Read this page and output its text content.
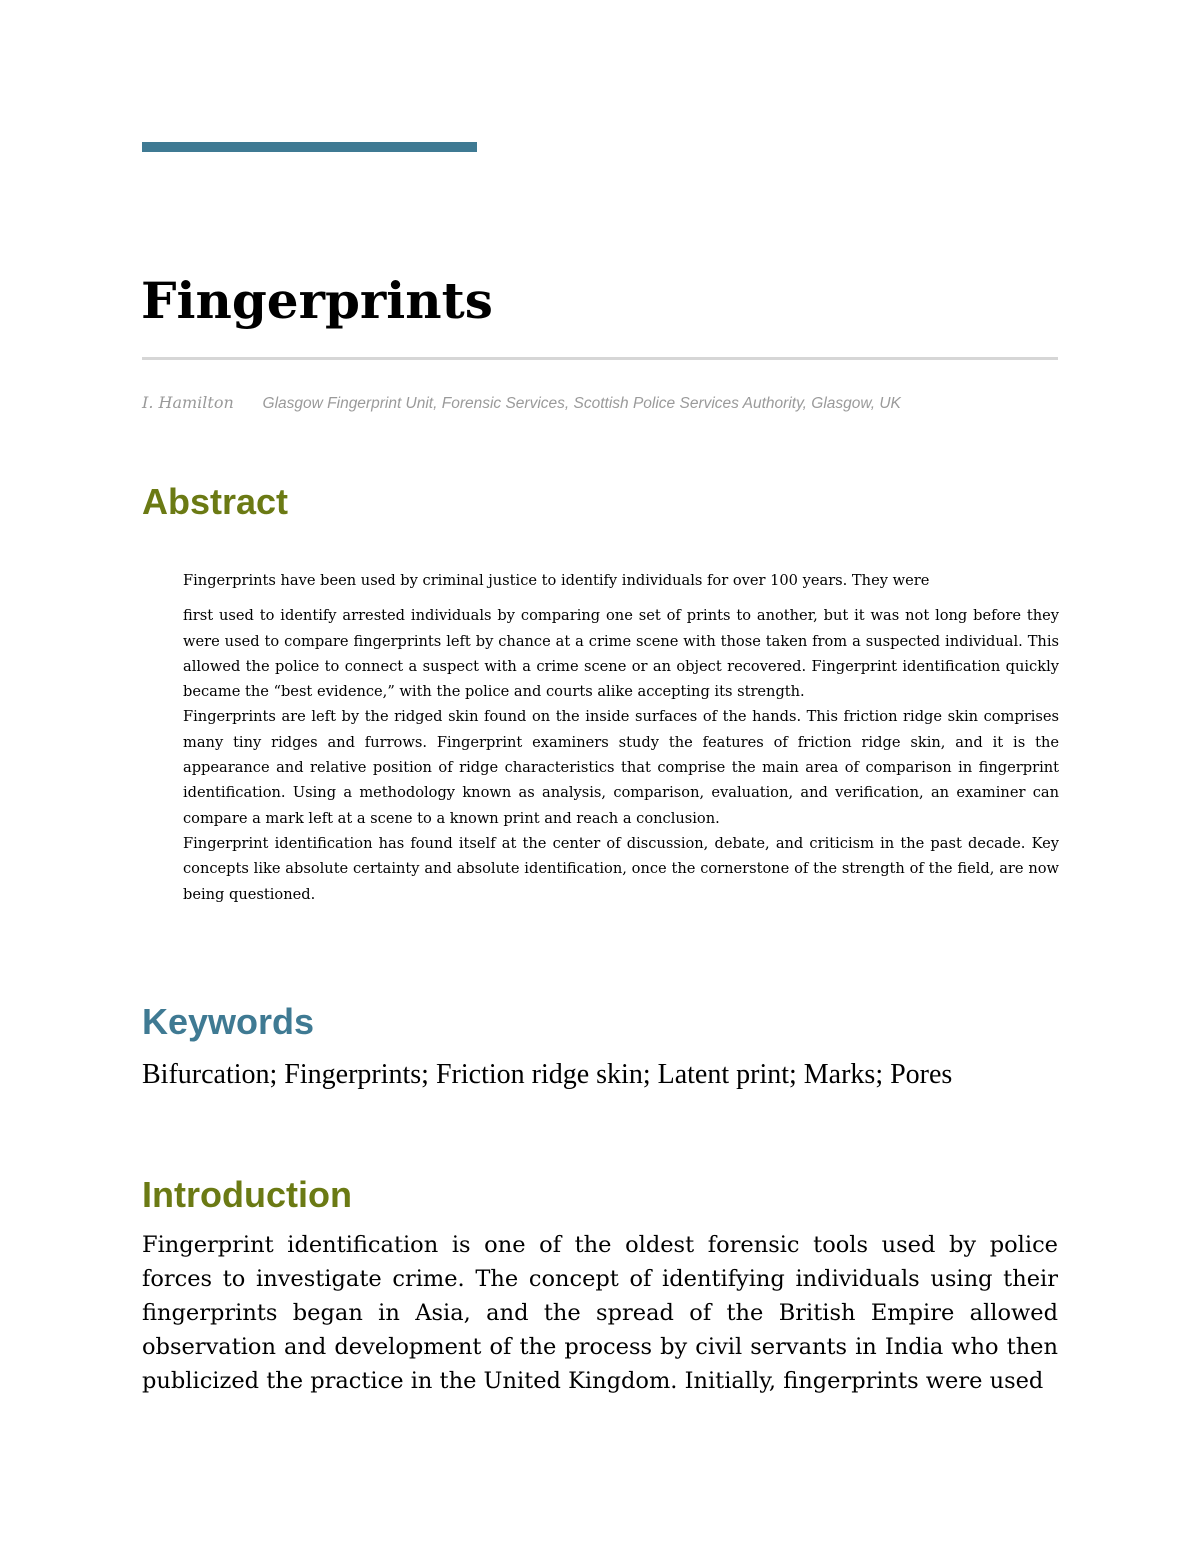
Fingerprints
I. Hamilton Glasgow Fingerprint Unit, Forensic Services, Scottish Police Services Authority, Glasgow, UK
Abstract

Fingerprints have been used by criminal justice to identify individuals for over 100 years. They were

first used to identify arrested individuals by comparing one set of prints to another, but it was not long before they were used to compare fingerprints left by chance at a crime scene with those taken from a suspected individual. This allowed the police to connect a suspect with a crime scene or an object recovered. Fingerprint identification quickly became the “best evidence,” with the police and courts alike accepting its strength.

Fingerprints are left by the ridged skin found on the inside surfaces of the hands. This friction ridge skin comprises many tiny ridges and furrows. Fingerprint examiners study the features of friction ridge skin, and it is the appearance and relative position of ridge characteristics that comprise the main area of comparison in fingerprint identification. Using a methodology known as analysis, comparison, evaluation, and verification, an examiner can compare a mark left at a scene to a known print and reach a conclusion.

Fingerprint identification has found itself at the center of discussion, debate, and criticism in the past decade. Key concepts like absolute certainty and absolute identification, once the cornerstone of the strength of the field, are now being questioned.

Keywords

Bifurcation; Fingerprints; Friction ridge skin; Latent print; Marks; Pores

Introduction

Fingerprint identification is one of the oldest forensic tools used by police forces to investigate crime. The concept of identifying individuals using their fingerprints began in Asia, and the spread of the British Empire allowed observation and development of the process by civil servants in India who then publicized the practice in the United Kingdom. Initially, fingerprints were used
